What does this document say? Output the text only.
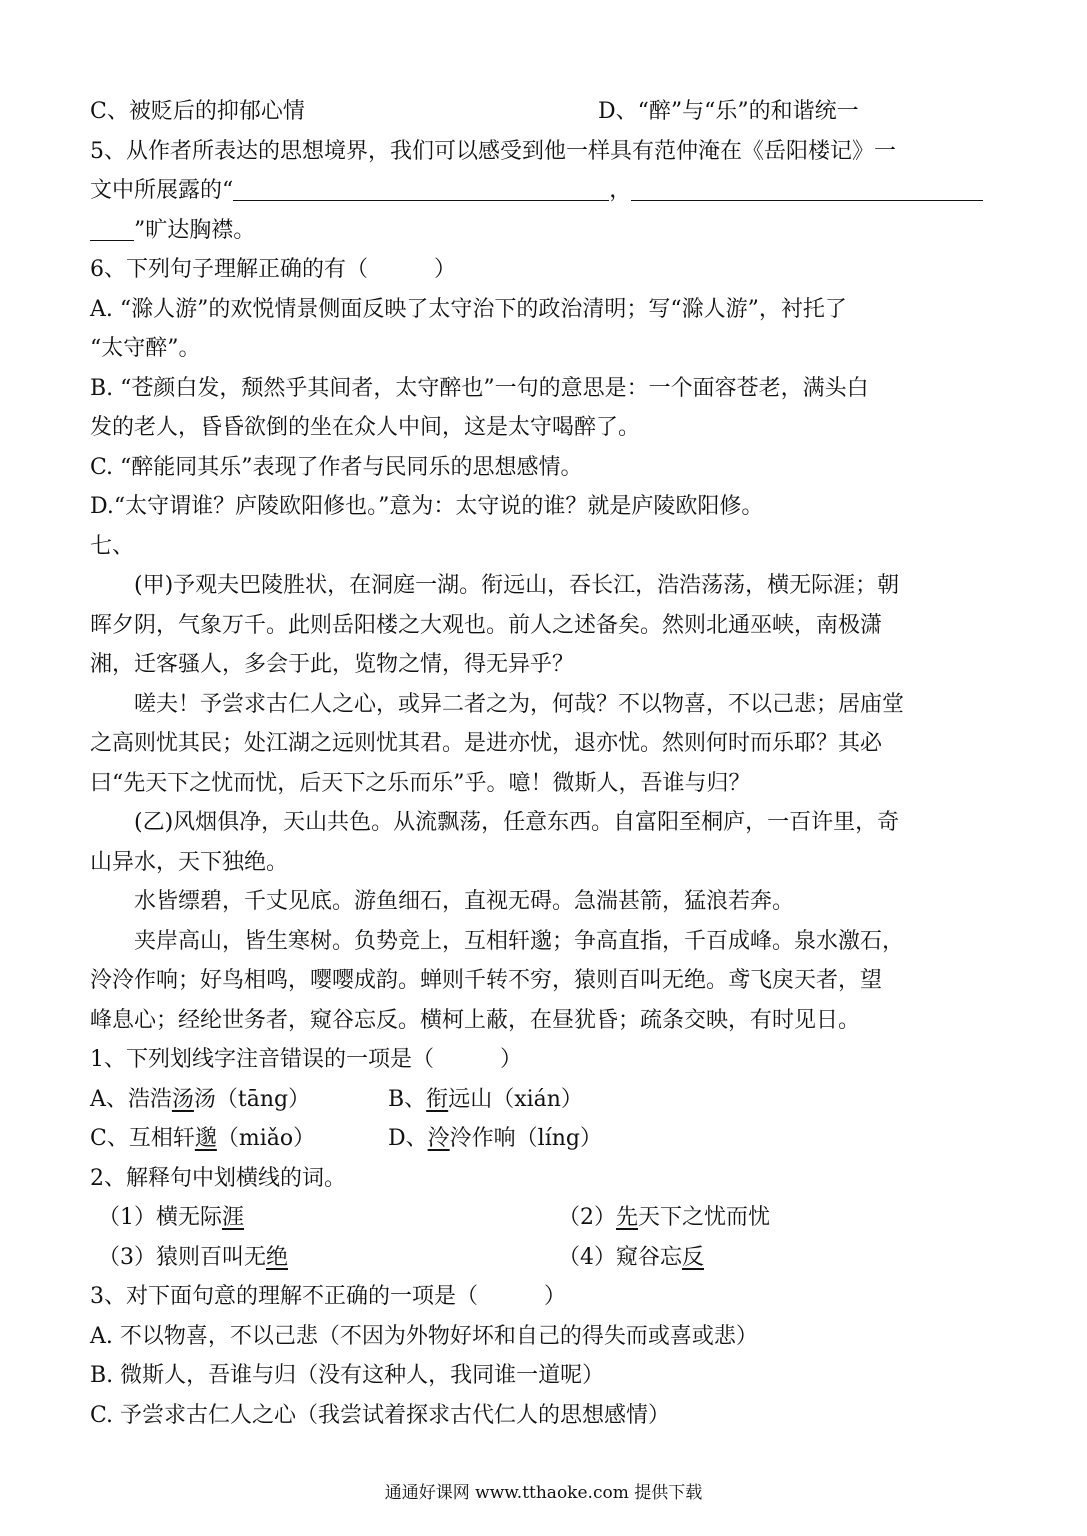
C、被贬后的抑郁心情	D、“醉”与“乐”的和谐统一
5、从作者所表达的思想境界，我们可以感受到他一样具有范仲淹在《岳阳楼记》一
文中所展露的“	，
”旷达胸襟。
6、下列句子理解正确的有（　　　）
A. “滁人游”的欢悦情景侧面反映了太守治下的政治清明；写“滁人游”，衬托了
“太守醉”。
B. “苍颜白发，颓然乎其间者，太守醉也”一句的意思是：一个面容苍老，满头白
发的老人，昏昏欲倒的坐在众人中间，这是太守喝醉了。
C. “醉能同其乐”表现了作者与民同乐的思想感情。
D.“太守谓谁？庐陵欧阳修也。”意为：太守说的谁？就是庐陵欧阳修。
七、
(甲)予观夫巴陵胜状，在洞庭一湖。衔远山，吞长江，浩浩荡荡，横无际涯；朝
晖夕阴，气象万千。此则岳阳楼之大观也。前人之述备矣。然则北通巫峡，南极潇
湘，迁客骚人，多会于此，览物之情，得无异乎？
嗟夫！予尝求古仁人之心，或异二者之为，何哉？不以物喜，不以己悲；居庙堂
之高则忧其民；处江湖之远则忧其君。是进亦忧，退亦忧。然则何时而乐耶？其必
曰“先天下之忧而忧，后天下之乐而乐”乎。噫！微斯人，吾谁与归？
(乙)风烟俱净，天山共色。从流飘荡，任意东西。自富阳至桐庐，一百许里，奇
山异水，天下独绝。
水皆缥碧，千丈见底。游鱼细石，直视无碍。急湍甚箭，猛浪若奔。
夹岸高山，皆生寒树。负势竞上，互相轩邈；争高直指，千百成峰。泉水激石，
泠泠作响；好鸟相鸣，嘤嘤成韵。蝉则千转不穷，猿则百叫无绝。鸢飞戾天者，望
峰息心；经纶世务者，窥谷忘反。横柯上蔽，在昼犹昏；疏条交映，有时见日。
1、下列划线字注音错误的一项是（　　　）
A、浩浩汤汤（tāng）	B、衔远山（xián）
C、互相轩邈（miǎo）	D、泠泠作响（líng）
2、解释句中划横线的词。
（1）横无际涯	（2）先天下之忧而忧
（3）猿则百叫无绝	（4）窥谷忘反
3、对下面句意的理解不正确的一项是（　　　）
A. 不以物喜，不以己悲（不因为外物好坏和自己的得失而或喜或悲）
B. 微斯人，吾谁与归（没有这种人，我同谁一道呢）
C. 予尝求古仁人之心（我尝试着探求古代仁人的思想感情）
通通好课网 www.tthaoke.com 提供下载
